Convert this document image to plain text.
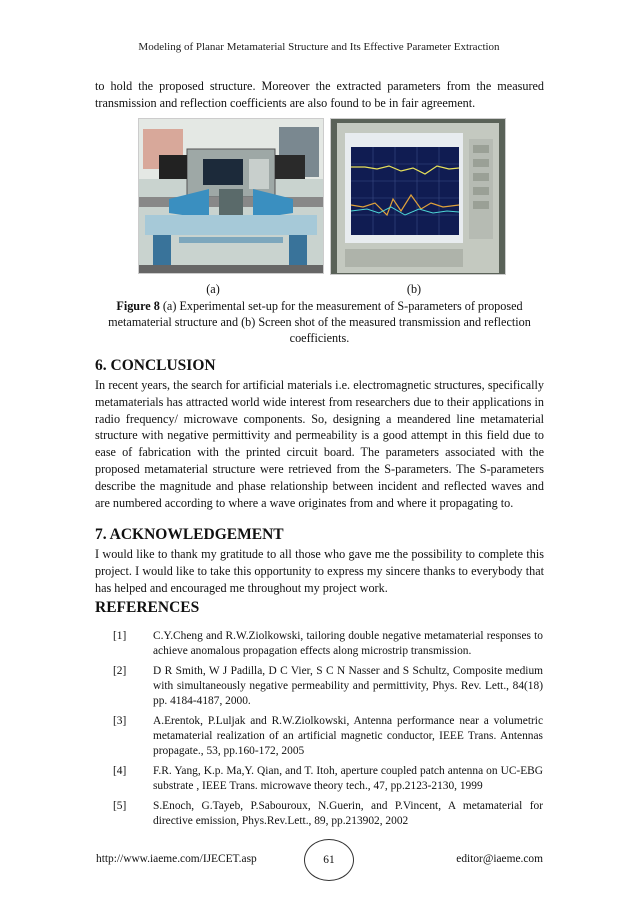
Modeling of Planar Metamaterial Structure and Its Effective Parameter Extraction
to hold the proposed structure. Moreover the extracted parameters from the measured transmission and reflection coefficients are also found to be in fair agreement.
(a)	(b)
Figure 8 (a) Experimental set-up for the measurement of S-parameters of proposed metamaterial structure and (b) Screen shot of the measured transmission and reflection coefficients.
6. CONCLUSION
In recent years, the search for artificial materials i.e. electromagnetic structures, specifically metamaterials has attracted world wide interest from researchers due to their applications in radio frequency/ microwave components. So, designing a meandered line metamaterial structure with negative permittivity and permeability is a good attempt in this field due to ease of fabrication with the printed circuit board. The parameters associated with the proposed metamaterial structure were retrieved from the S-parameters. The S-parameters describe the magnitude and phase relationship between incident and reflected waves and are numbered according to where a wave originates from and where it propagating to.
7. ACKNOWLEDGEMENT
I would like to thank my gratitude to all those who gave me the possibility to complete this project. I would like to take this opportunity to express my sincere thanks to everybody that has helped and encouraged me throughout my project work.
REFERENCES
[1]	C.Y.Cheng and R.W.Ziolkowski, tailoring double negative metamaterial responses to achieve anomalous propagation effects along microstrip transmission.
[2]	D R Smith, W J Padilla, D C Vier, S C N Nasser and S Schultz, Composite medium with simultaneously negative permeability and permittivity, Phys. Rev. Lett., 84(18) pp. 4184-4187, 2000.
[3]	A.Erentok, P.Luljak and R.W.Ziolkowski, Antenna performance near a volumetric metamaterial realization of an artificial magnetic conductor, IEEE Trans. Antennas propagate., 53, pp.160-172, 2005
[4]	F.R. Yang, K.p. Ma,Y. Qian, and T. Itoh, aperture coupled patch antenna on UC-EBG substrate , IEEE Trans. microwave theory tech., 47, pp.2123-2130, 1999
[5]	S.Enoch, G.Tayeb, P.Sabouroux, N.Guerin, and P.Vincent, A metamaterial for directive emission, Phys.Rev.Lett., 89, pp.213902, 2002
http://www.iaeme.com/IJECET.asp	61	editor@iaeme.com
